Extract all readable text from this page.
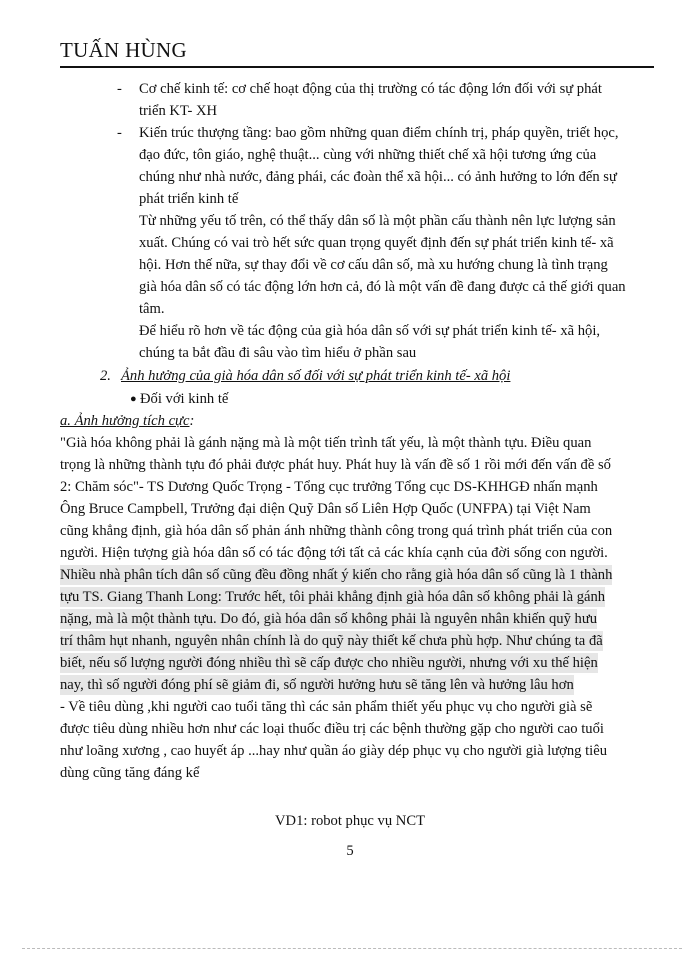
TUẤN HÙNG
- Cơ chế kinh tế: cơ chế hoạt động của thị trường có tác động lớn đối với sự phát
triển KT- XH
- Kiến trúc thượng tầng: bao gồm những quan điểm chính trị, pháp quyền, triết học,
đạo đức, tôn giáo, nghệ thuật... cùng với những thiết chế xã hội tương ứng của
chúng như nhà nước, đảng phái, các đoàn thể xã hội... có ảnh hưởng to lớn đến sự
phát triển kinh tế
Từ những yếu tố trên, có thể thấy dân số là một phần cấu thành nên lực lượng sản
xuất. Chúng có vai trò hết sức quan trọng quyết định đến sự phát triển kinh tế- xã
hội. Hơn thế nữa, sự thay đổi về cơ cấu dân số, mà xu hướng chung là tình trạng
già hóa dân số có tác động lớn hơn cả, đó là một vấn đề đang được cả thế giới quan
tâm.
Để hiểu rõ hơn về tác động của già hóa dân số với sự phát triển kinh tế- xã hội,
chúng ta bắt đầu đi sâu vào tìm hiểu ở phần sau
2. Ảnh hưởng của già hóa dân số đối với sự phát triển kinh tế- xã hội
● Đối với kinh tế
a. Ảnh hưởng tích cực:
"Già hóa không phải là gánh nặng mà là một tiến trình tất yếu, là một thành tựu. Điều quan
trọng là những thành tựu đó phải được phát huy. Phát huy là vấn đề số 1 rồi mới đến vấn đề số
2: Chăm sóc"- TS Dương Quốc Trọng - Tổng cục trưởng Tổng cục DS-KHHGĐ nhấn mạnh
Ông Bruce Campbell, Trưởng đại diện Quỹ Dân số Liên Hợp Quốc (UNFPA) tại Việt Nam
cũng khẳng định, già hóa dân số phản ánh những thành công trong quá trình phát triển của con
người. Hiện tượng già hóa dân số có tác động tới tất cả các khía cạnh của đời sống con người.
Nhiều nhà phân tích dân số cũng đều đồng nhất ý kiến cho rằng già hóa dân số cũng là 1 thành
tựu TS. Giang Thanh Long: Trước hết, tôi phải khẳng định già hóa dân số không phải là gánh
nặng, mà là một thành tựu. Do đó, già hóa dân số không phải là nguyên nhân khiến quỹ hưu
trí thâm hụt nhanh, nguyên nhân chính là do quỹ này thiết kế chưa phù hợp. Như chúng ta đã
biết, nếu số lượng người đóng nhiều thì sẽ cấp được cho nhiều người, nhưng với xu thế hiện
nay, thì số người đóng phí sẽ giảm đi, số người hưởng hưu sẽ tăng lên và hưởng lâu hơn
- Về tiêu dùng ,khi người cao tuổi tăng thì các sản phẩm thiết yếu phục vụ cho người già sẽ
được tiêu dùng nhiều hơn như các loại thuốc điều trị các bệnh thường gặp cho người cao tuổi
như loãng xương , cao huyết áp ...hay như quần áo giày dép phục vụ cho người già lượng tiêu
dùng cũng tăng đáng kể
VD1: robot phục vụ NCT
5
